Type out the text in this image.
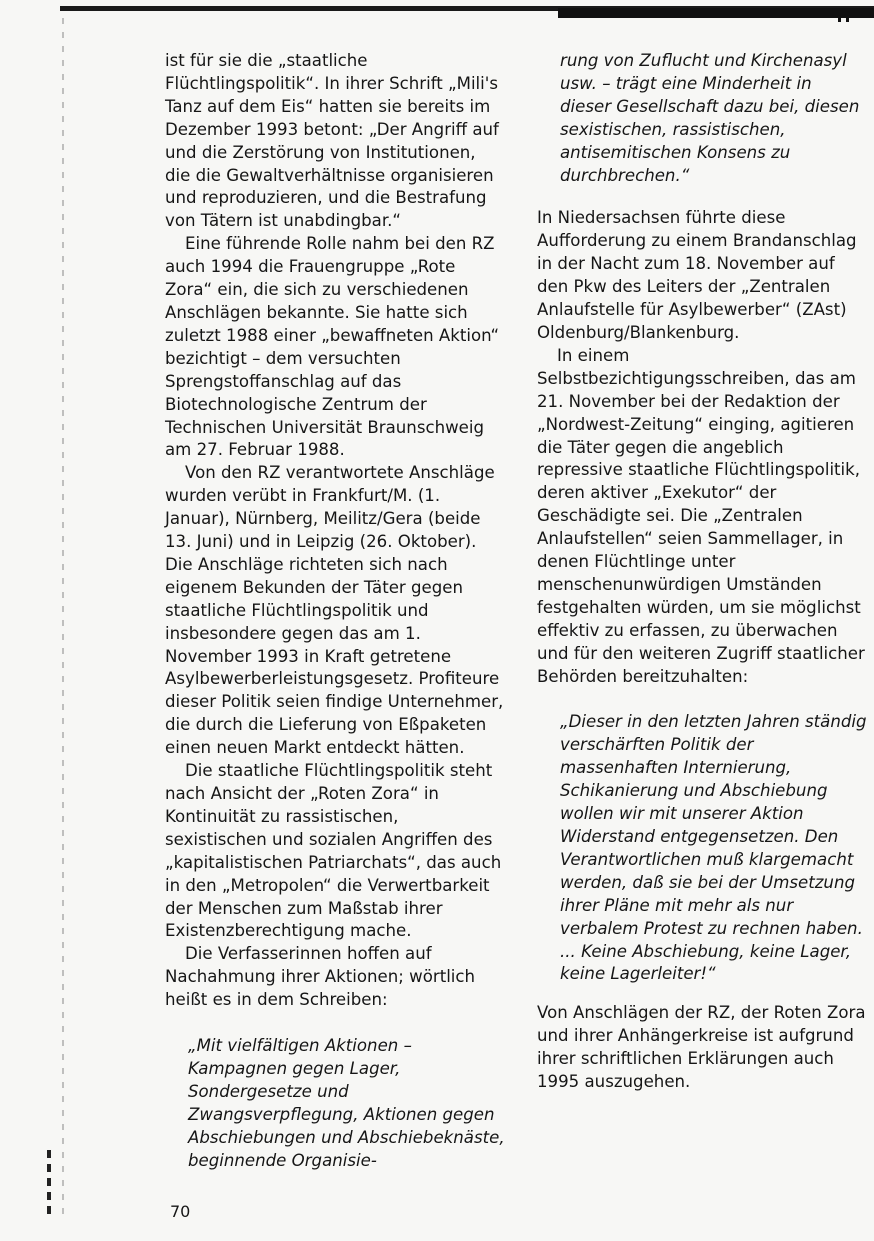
ist für sie die „staatliche Flüchtlingspolitik“. In ihrer Schrift „Mili's Tanz auf dem Eis“ hatten sie bereits im Dezember 1993 betont: „Der Angriff auf und die Zerstörung von Institutionen, die die Gewaltverhältnisse organisieren und reproduzieren, und die Bestrafung von Tätern ist unabdingbar.“

Eine führende Rolle nahm bei den RZ auch 1994 die Frauengruppe „Rote Zora“ ein, die sich zu verschiedenen Anschlägen bekannte. Sie hatte sich zuletzt 1988 einer „bewaffneten Aktion“ bezichtigt – dem versuchten Sprengstoffanschlag auf das Biotechnologische Zentrum der Technischen Universität Braunschweig am 27. Februar 1988.

Von den RZ verantwortete Anschläge wurden verübt in Frankfurt/M. (1. Januar), Nürnberg, Meilitz/Gera (beide 13. Juni) und in Leipzig (26. Oktober). Die Anschläge richteten sich nach eigenem Bekunden der Täter gegen staatliche Flüchtlingspolitik und insbesondere gegen das am 1. November 1993 in Kraft getretene Asylbewerberleistungsgesetz. Profiteure dieser Politik seien findige Unternehmer, die durch die Lieferung von Eßpaketen einen neuen Markt entdeckt hätten.

Die staatliche Flüchtlingspolitik steht nach Ansicht der „Roten Zora“ in Kontinuität zu rassistischen, sexistischen und sozialen Angriffen des „kapitalistischen Patriarchats“, das auch in den „Metropolen“ die Verwertbarkeit der Menschen zum Maßstab ihrer Existenzberechtigung mache.

Die Verfasserinnen hoffen auf Nachahmung ihrer Aktionen; wörtlich heißt es in dem Schreiben:

„Mit vielfältigen Aktionen – Kampagnen gegen Lager, Sondergesetze und Zwangsverpflegung, Aktionen gegen Abschiebungen und Abschiebeknäste, beginnende Organisie-

rung von Zuflucht und Kirchenasyl usw. – trägt eine Minderheit in dieser Gesellschaft dazu bei, diesen sexistischen, rassistischen, antisemitischen Konsens zu durchbrechen.“

In Niedersachsen führte diese Aufforderung zu einem Brandanschlag in der Nacht zum 18. November auf den Pkw des Leiters der „Zentralen Anlaufstelle für Asylbewerber“ (ZAst) Oldenburg/Blankenburg.

In einem Selbstbezichtigungsschreiben, das am 21. November bei der Redaktion der „Nordwest-Zeitung“ einging, agitieren die Täter gegen die angeblich repressive staatliche Flüchtlingspolitik, deren aktiver „Exekutor“ der Geschädigte sei. Die „Zentralen Anlaufstellen“ seien Sammellager, in denen Flüchtlinge unter menschenunwürdigen Umständen festgehalten würden, um sie möglichst effektiv zu erfassen, zu überwachen und für den weiteren Zugriff staatlicher Behörden bereitzuhalten:

„Dieser in den letzten Jahren ständig verschärften Politik der massenhaften Internierung, Schikanierung und Abschiebung wollen wir mit unserer Aktion Widerstand entgegensetzen. Den Verantwortlichen muß klargemacht werden, daß sie bei der Umsetzung ihrer Pläne mit mehr als nur verbalem Protest zu rechnen haben. ... Keine Abschiebung, keine Lager, keine Lagerleiter!“

Von Anschlägen der RZ, der Roten Zora und ihrer Anhängerkreise ist aufgrund ihrer schriftlichen Erklärungen auch 1995 auszugehen.

70
